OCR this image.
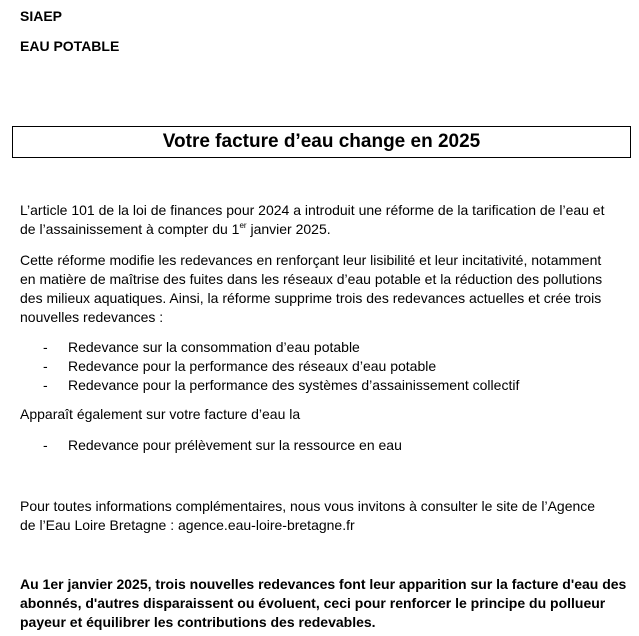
SIAEP
EAU POTABLE
Votre facture d’eau change en 2025

L’article 101 de la loi de finances pour 2024 a introduit une réforme de la tarification de l’eau et
de l’assainissement à compter du 1er janvier 2025.

Cette réforme modifie les redevances en renforçant leur lisibilité et leur incitativité, notamment
en matière de maîtrise des fuites dans les réseaux d’eau potable et la réduction des pollutions
des milieux aquatiques. Ainsi, la réforme supprime trois des redevances actuelles et crée trois
nouvelles redevances :

- Redevance sur la consommation d’eau potable
- Redevance pour la performance des réseaux d’eau potable
- Redevance pour la performance des systèmes d’assainissement collectif

Apparaît également sur votre facture d’eau la

- Redevance pour prélèvement sur la ressource en eau

Pour toutes informations complémentaires, nous vous invitons à consulter le site de l’Agence
de l’Eau Loire Bretagne : agence.eau-loire-bretagne.fr

Au 1er janvier 2025, trois nouvelles redevances font leur apparition sur la facture d'eau des
abonnés, d'autres disparaissent ou évoluent, ceci pour renforcer le principe du pollueur
payeur et équilibrer les contributions des redevables.
